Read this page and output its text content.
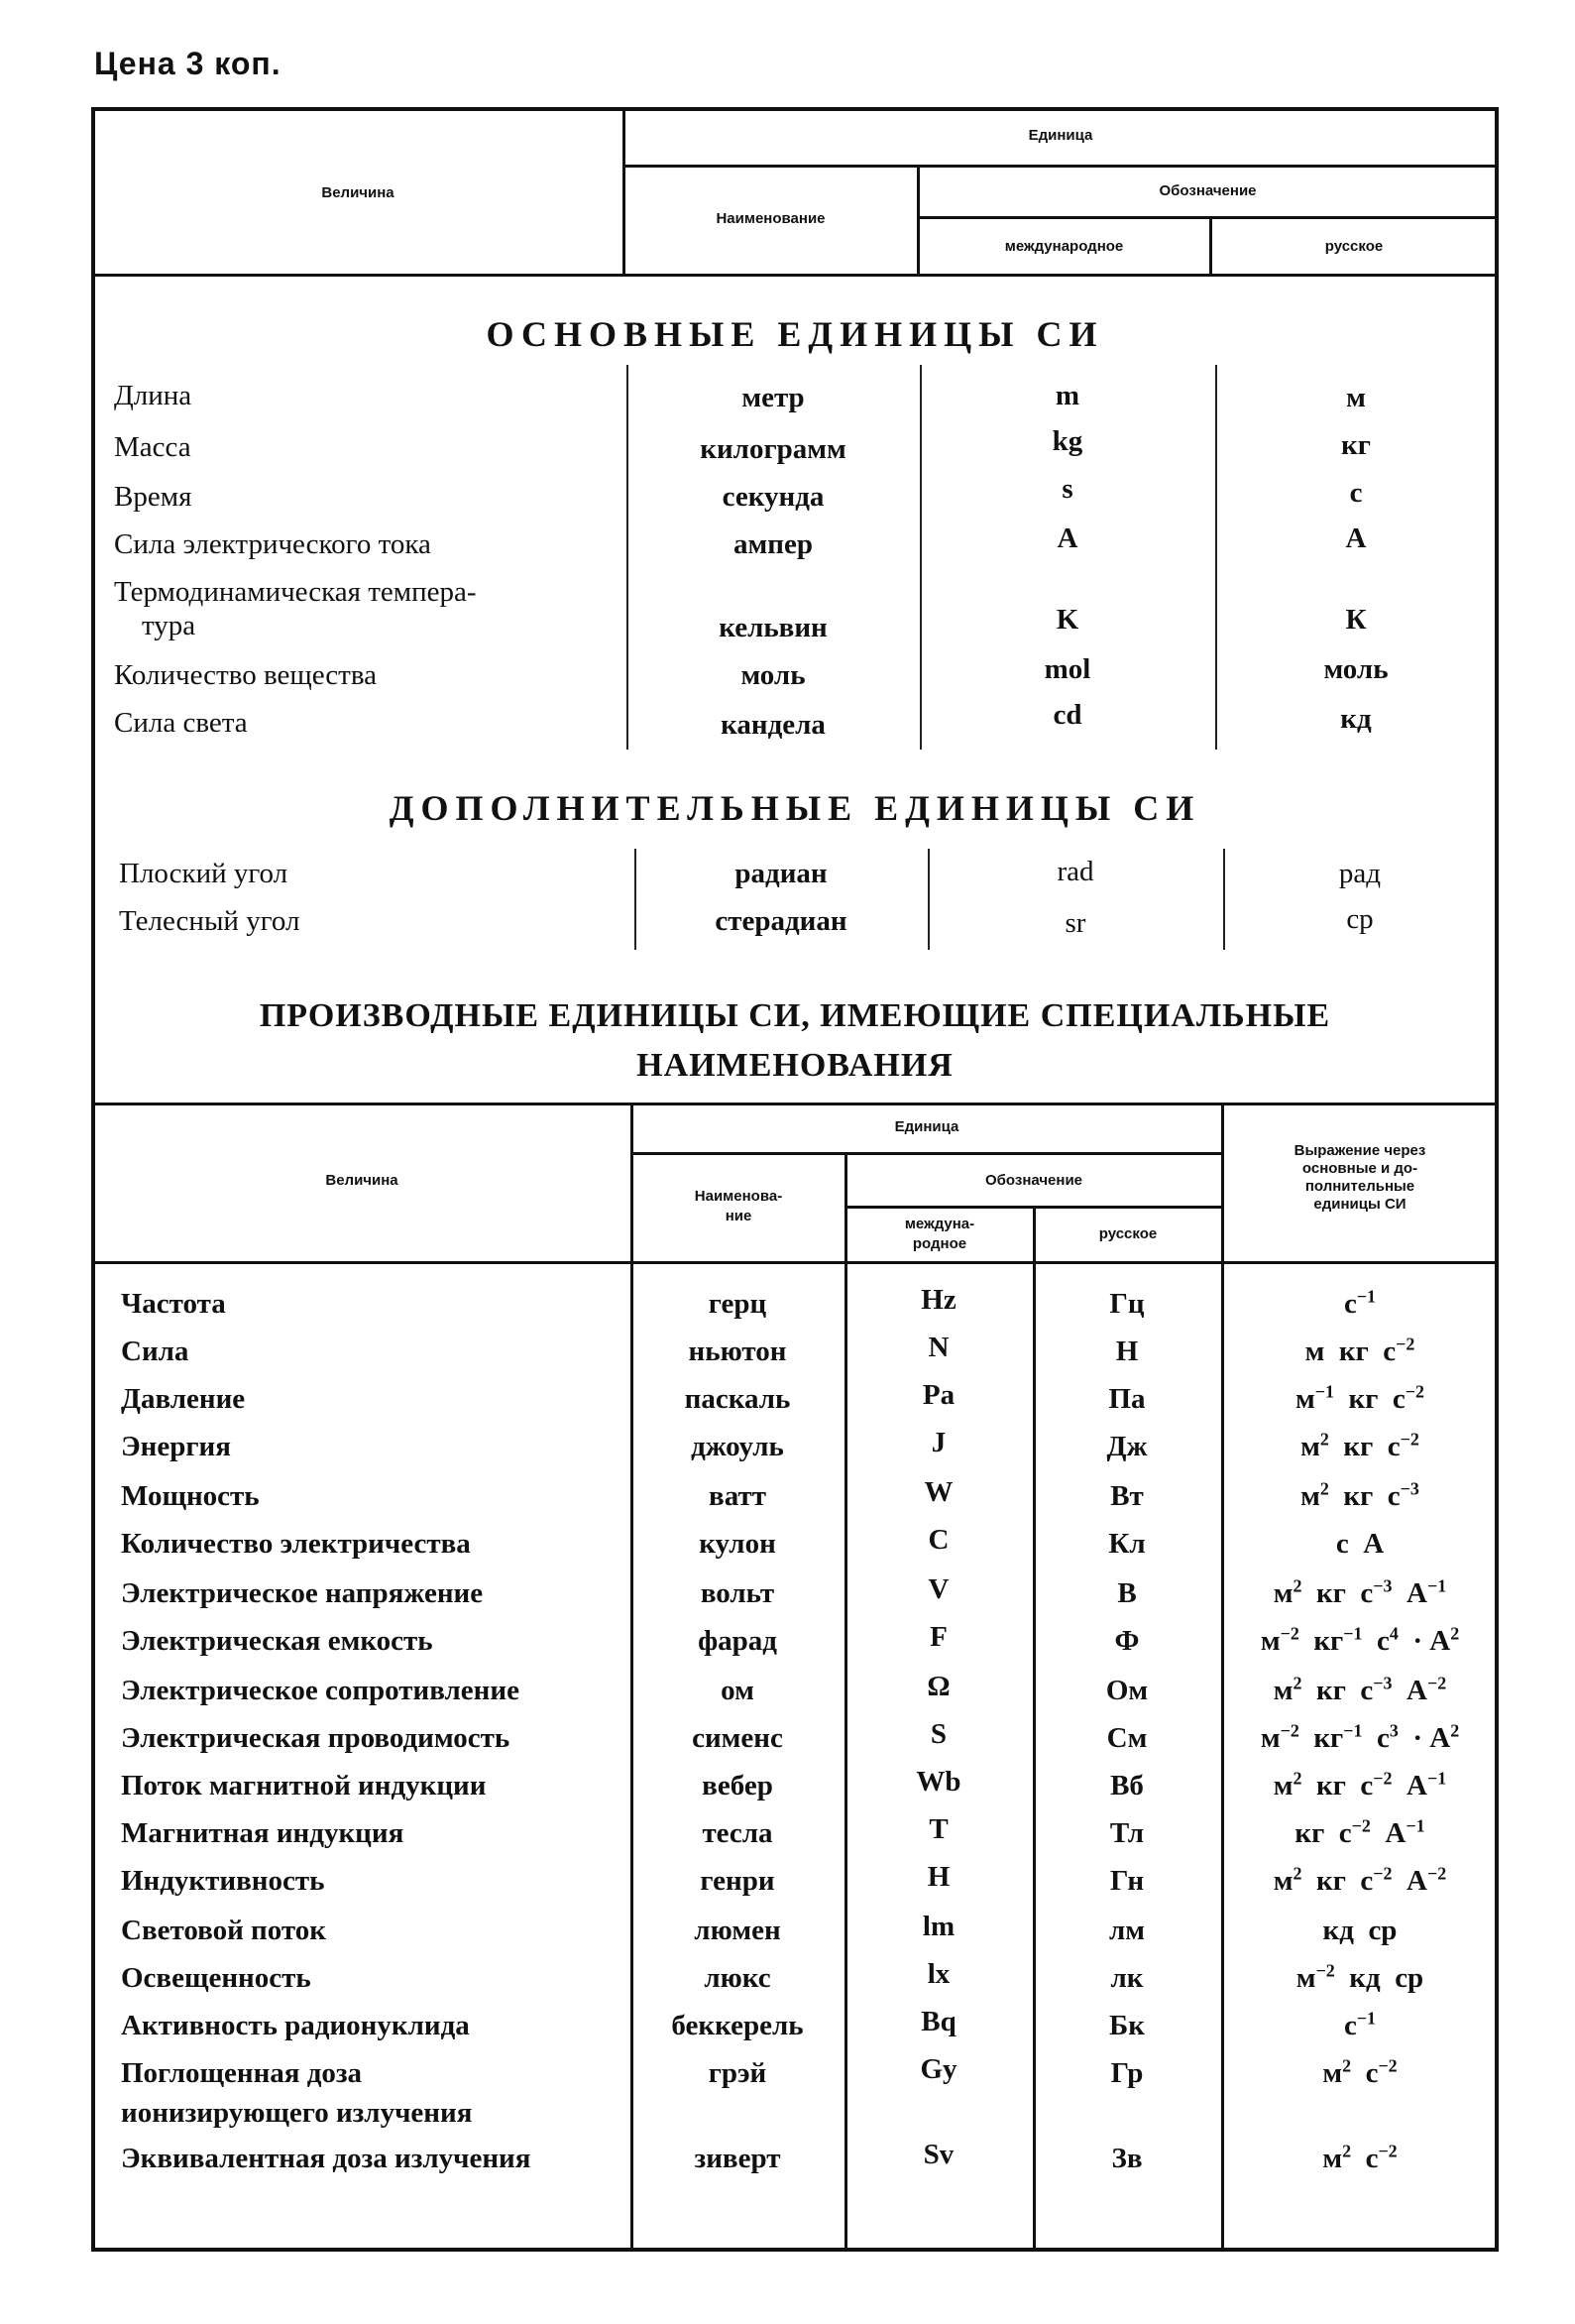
Цена 3 коп.
Величина
Единица
Наименование
Обозначение
международное	русское
ОСНОВНЫЕ ЕДИНИЦЫ СИ
Длина	метр	m	м
Масса	килограмм	kg	кг
Время	секунда	s	с
Сила электрического тока	ампер	A	А
Термодинамическая темпера-
тура	кельвин	K	К
Количество вещества	моль	mol	моль
Сила света	кандела	cd	кд
ДОПОЛНИТЕЛЬНЫЕ ЕДИНИЦЫ СИ
Плоский угол	радиан	rad	рад
Телесный угол	стерадиан	sr	ср
ПРОИЗВОДНЫЕ ЕДИНИЦЫ СИ, ИМЕЮЩИЕ СПЕЦИАЛЬНЫЕ
НАИМЕНОВАНИЯ
Величина
Единица
Наименова-
ние
Обозначение
междуна-
родное
русское
Выражение через
основные и до-
полнительные
единицы СИ
Частота	герц	Hz	Гц	$с^{-1}$
Сила	ньютон	N	Н	м  кг  $с^{-2}$
Давление	паскаль	Pa	Па	$м^{-1}$  кг  $с^{-2}$
Энергия	джоуль	J	Дж	$м^2$  кг  $с^{-2}$
Мощность	ватт	W	Вт	$м^2$  кг  $с^{-3}$
Количество электричества	кулон	C	Кл	с  А
Электрическое напряжение	вольт	V	В	$м^2$  кг  $с^{-3}$  $А^{-1}$
Электрическая емкость	фарад	F	Ф	$м^{-2}$  $кг^{-1}$  $с^4$  · $А^2$
Электрическое сопротивление	ом	Ω	Ом	$м^2$  кг  $с^{-3}$  $А^{-2}$
Электрическая проводимость	сименс	S	См	$м^{-2}$  $кг^{-1}$  $с^3$  · $А^2$
Поток магнитной индукции	вебер	Wb	Вб	$м^2$  кг  $с^{-2}$  $А^{-1}$
Магнитная индукция	тесла	T	Тл	кг  $с^{-2}$  $А^{-1}$
Индуктивность	генри	H	Гн	$м^2$  кг  $с^{-2}$  $А^{-2}$
Световой поток	люмен	lm	лм	кд  ср
Освещенность	люкс	lx	лк	$м^{-2}$  кд  ср
Активность радионуклида	беккерель	Bq	Бк	$с^{-1}$
Поглощенная доза
ионизирующего излучения
грэй	Gy	Гр	$м^2$  $с^{-2}$
Эквивалентная доза излучения	зиверт	Sv	Зв	$м^2$  $с^{-2}$
